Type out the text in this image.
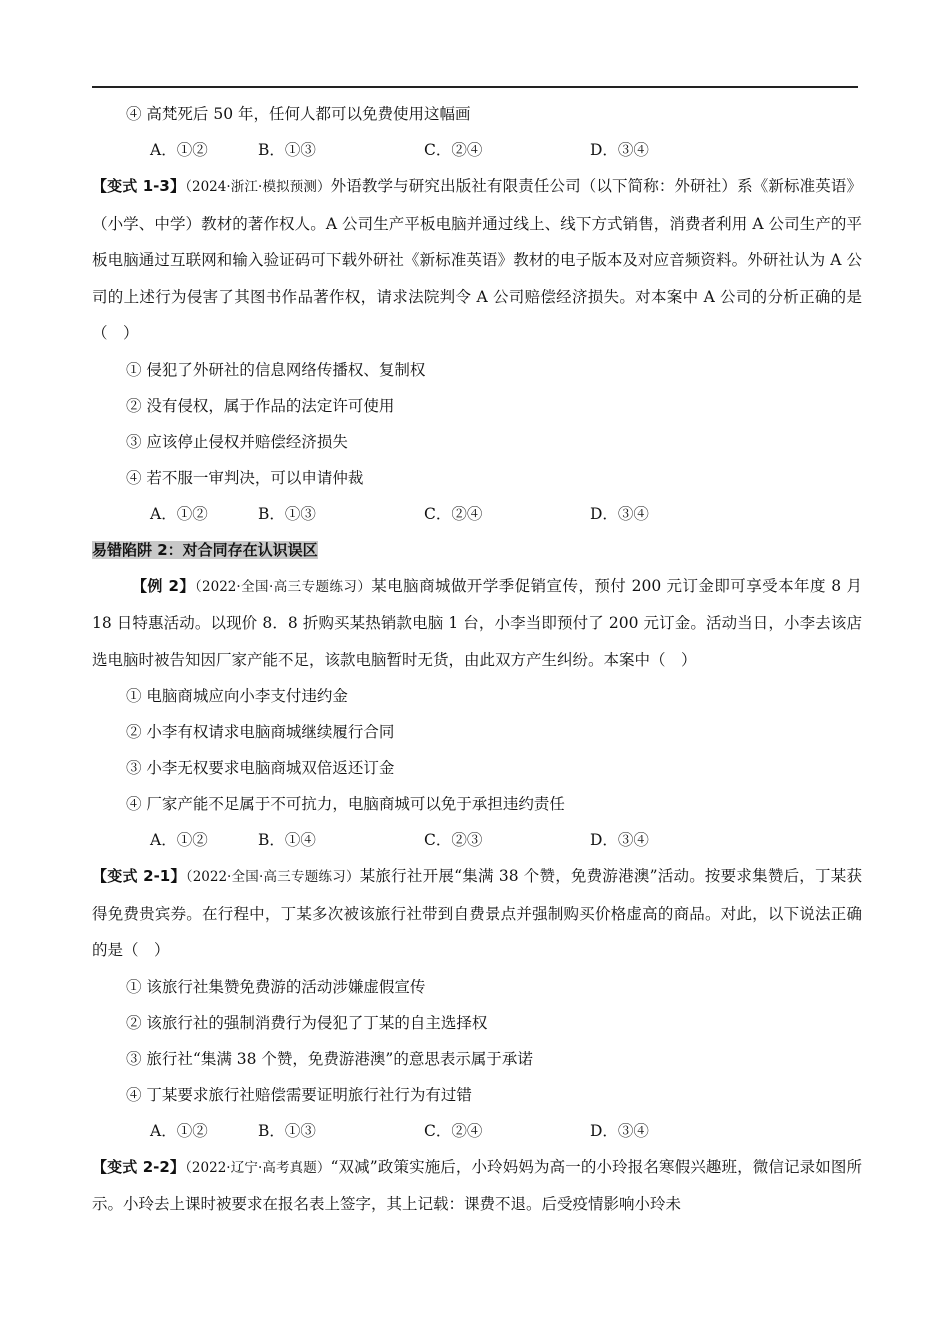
④ 高梵死后 50 年，任何人都可以免费使用这幅画
A．①②	B．①③	C．②④	D．③④
【变式 1-3】（2024·浙江·模拟预测）外语教学与研究出版社有限责任公司（以下简称：外研社）系《新标准英语》（小学、中学）教材的著作权人。A 公司生产平板电脑并通过线上、线下方式销售，消费者利用 A 公司生产的平板电脑通过互联网和输入验证码可下载外研社《新标准英语》教材的电子版本及对应音频资料。外研社认为 A 公司的上述行为侵害了其图书作品著作权，请求法院判令 A 公司赔偿经济损失。对本案中 A 公司的分析正确的是（　）
① 侵犯了外研社的信息网络传播权、复制权
② 没有侵权，属于作品的法定许可使用
③ 应该停止侵权并赔偿经济损失
④ 若不服一审判决，可以申请仲裁
A．①②	B．①③	C．②④	D．③④
易错陷阱 2：对合同存在认识误区
【例 2】（2022·全国·高三专题练习）某电脑商城做开学季促销宣传，预付 200 元订金即可享受本年度 8 月 18 日特惠活动。以现价 8．8 折购买某热销款电脑 1 台，小李当即预付了 200 元订金。活动当日，小李去该店选电脑时被告知因厂家产能不足，该款电脑暂时无货，由此双方产生纠纷。本案中（　）
① 电脑商城应向小李支付违约金
② 小李有权请求电脑商城继续履行合同
③ 小李无权要求电脑商城双倍返还订金
④ 厂家产能不足属于不可抗力，电脑商城可以免于承担违约责任
A．①②	B．①④	C．②③	D．③④
【变式 2-1】（2022·全国·高三专题练习）某旅行社开展“集满 38 个赞，免费游港澳”活动。按要求集赞后，丁某获得免费贵宾券。在行程中，丁某多次被该旅行社带到自费景点并强制购买价格虚高的商品。对此，以下说法正确的是（　）
① 该旅行社集赞免费游的活动涉嫌虚假宣传
② 该旅行社的强制消费行为侵犯了丁某的自主选择权
③ 旅行社“集满 38 个赞，免费游港澳”的意思表示属于承诺
④ 丁某要求旅行社赔偿需要证明旅行社行为有过错
A．①②	B．①③	C．②④	D．③④
【变式 2-2】（2022·辽宁·高考真题）“双减”政策实施后，小玲妈妈为高一的小玲报名寒假兴趣班，微信记录如图所示。小玲去上课时被要求在报名表上签字，其上记载：课费不退。后受疫情影响小玲未
